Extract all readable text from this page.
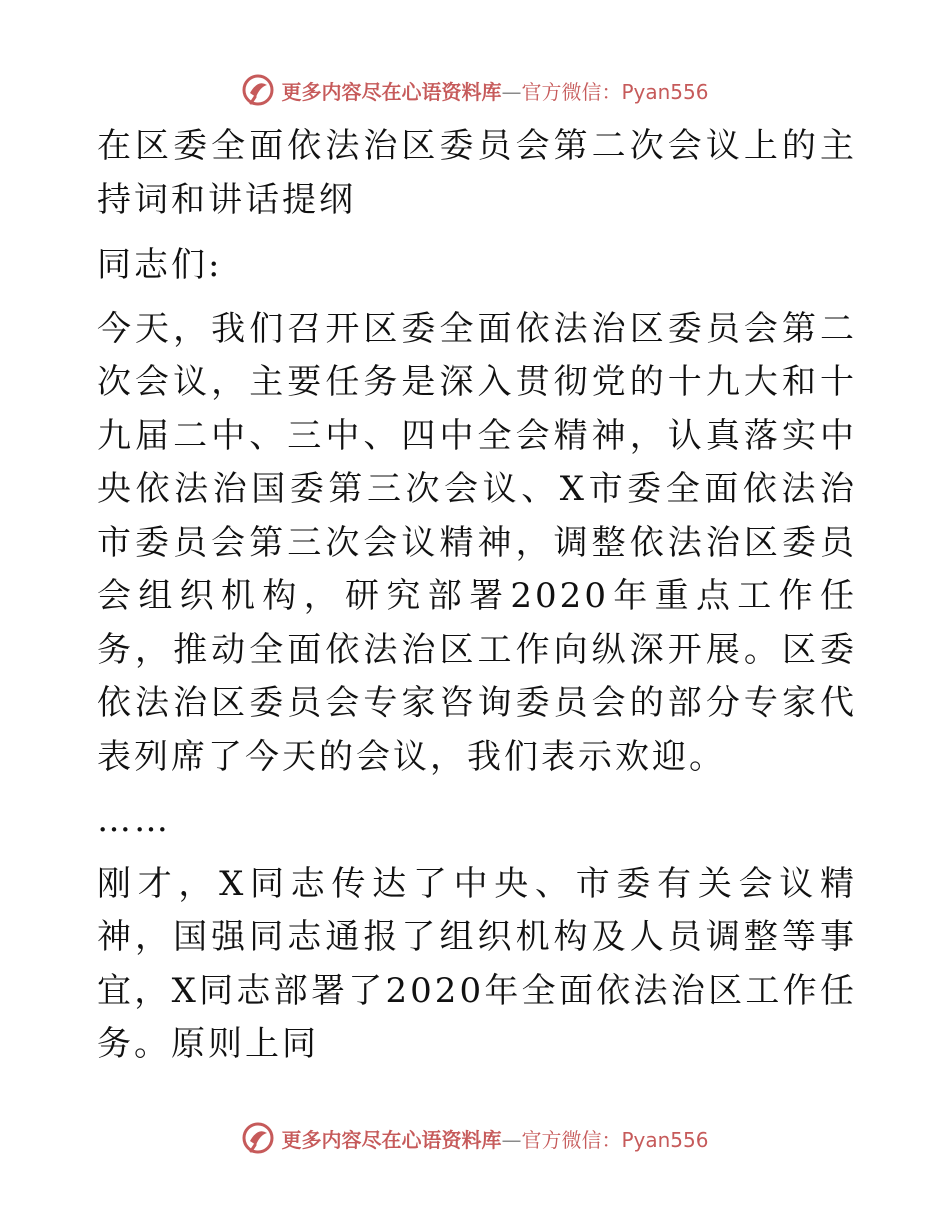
更多内容尽在心语资料库—官方微信：Pyan556

在区委全面依法治区委员会第二次会议上的主持词和讲话提纲

同志们:

今天，我们召开区委全面依法治区委员会第二次会议，主要任务是深入贯彻党的十九大和十九届二中、三中、四中全会精神，认真落实中央依法治国委第三次会议、X市委全面依法治市委员会第三次会议精神，调整依法治区委员会组织机构，研究部署2020年重点工作任务，推动全面依法治区工作向纵深开展。区委依法治区委员会专家咨询委员会的部分专家代表列席了今天的会议，我们表示欢迎。

……

刚才，X同志传达了中央、市委有关会议精神，国强同志通报了组织机构及人员调整等事宜，X同志部署了2020年全面依法治区工作任务。原则上同

更多内容尽在心语资料库—官方微信：Pyan556
